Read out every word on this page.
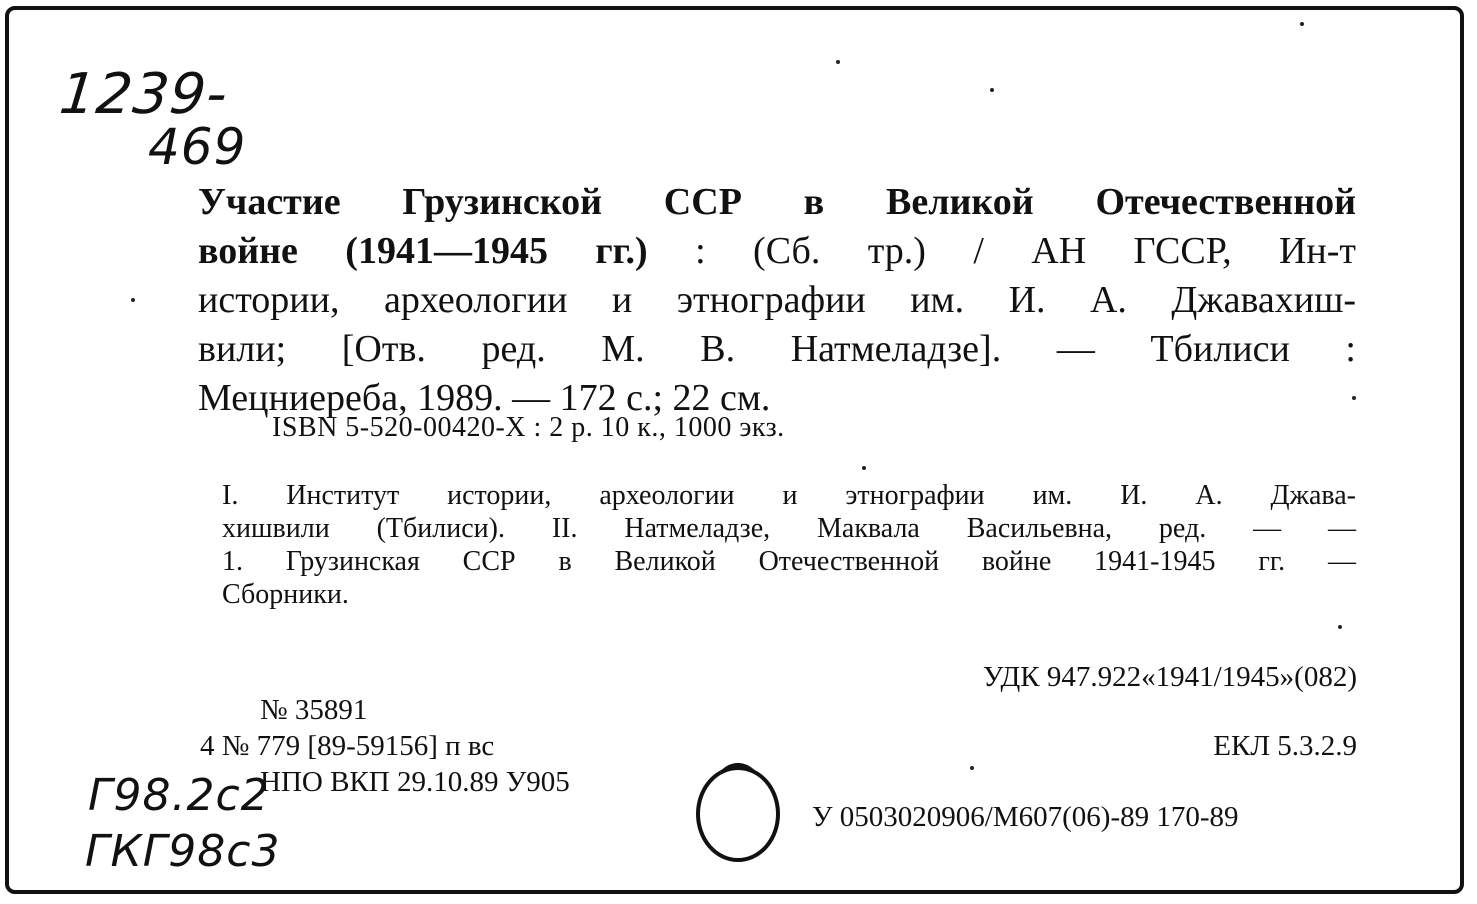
1239-
469

Участие Грузинской ССР в Великой Отечественной

войне (1941—1945 гг.) : (Сб. тр.) / АН ГССР, Ин-т

истории, археологии и этнографии им. И. А. Джавахиш-

вили; [Отв. ред. М. В. Натмеладзе]. — Тбилиси :

Мецниереба, 1989. — 172 с.; 22 см.

ISBN 5-520-00420-X : 2 р. 10 к., 1000 экз.

I. Институт истории, археологии и этнографии им. И. А. Джава-

хишвили (Тбилиси). II. Натмеладзе, Маквала Васильевна, ред. — —

1. Грузинская ССР в Великой Отечественной войне 1941-1945 гг. —

Сборники.

УДК 947.922«1941/1945»(082)
ЕКЛ 5.3.2.9
№ 35891
4 № 779 [89-59156] п вс
НПО ВКП 29.10.89 У905
У 0503020906/М607(06)-89 170-89
Г98.2с2
ГКГ98с3
